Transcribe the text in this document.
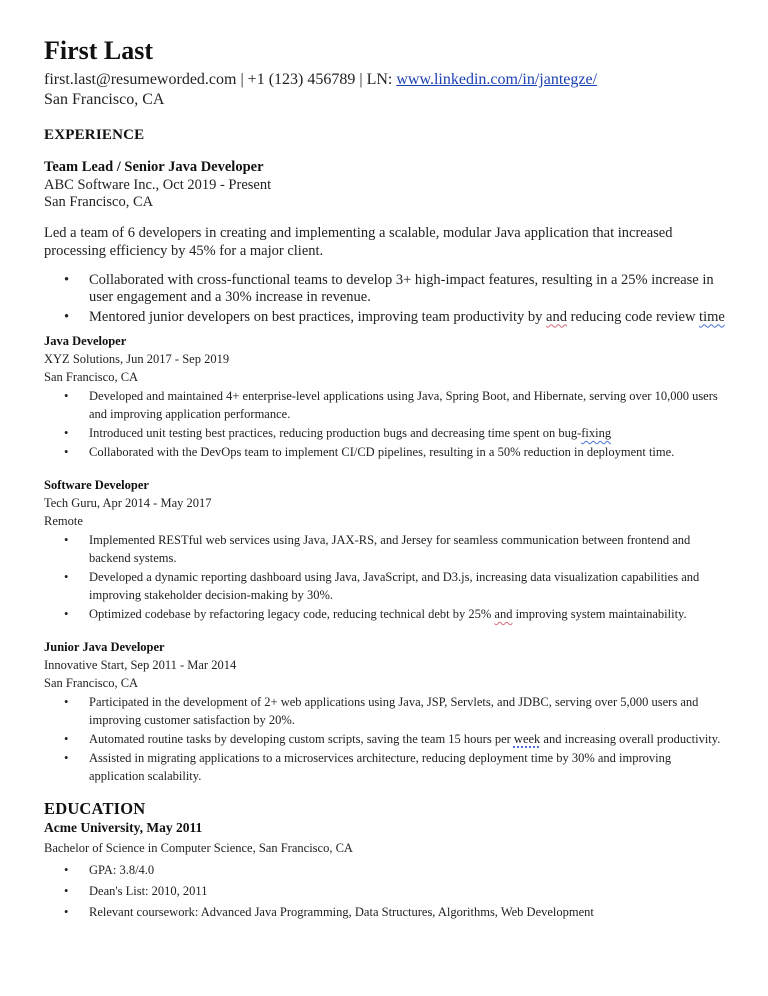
First Last
first.last@resumeworded.com | +1 (123) 456789 | LN: www.linkedin.com/in/jantegze/
San Francisco, CA
EXPERIENCE
Team Lead / Senior Java Developer
ABC Software Inc., Oct 2019 - Present
San Francisco, CA
Led a team of 6 developers in creating and implementing a scalable, modular Java application that increased processing efficiency by 45% for a major client.
• Collaborated with cross-functional teams to develop 3+ high-impact features, resulting in a 25% increase in user engagement and a 30% increase in revenue.
• Mentored junior developers on best practices, improving team productivity by and reducing code review time
Java Developer
XYZ Solutions, Jun 2017 - Sep 2019
San Francisco, CA
• Developed and maintained 4+ enterprise-level applications using Java, Spring Boot, and Hibernate, serving over 10,000 users and improving application performance.
• Introduced unit testing best practices, reducing production bugs and decreasing time spent on bug-fixing
• Collaborated with the DevOps team to implement CI/CD pipelines, resulting in a 50% reduction in deployment time.
Software Developer
Tech Guru, Apr 2014 - May 2017
Remote
• Implemented RESTful web services using Java, JAX-RS, and Jersey for seamless communication between frontend and backend systems.
• Developed a dynamic reporting dashboard using Java, JavaScript, and D3.js, increasing data visualization capabilities and improving stakeholder decision-making by 30%.
• Optimized codebase by refactoring legacy code, reducing technical debt by 25% and improving system maintainability.
Junior Java Developer
Innovative Start, Sep 2011 - Mar 2014
San Francisco, CA
• Participated in the development of 2+ web applications using Java, JSP, Servlets, and JDBC, serving over 5,000 users and improving customer satisfaction by 20%.
• Automated routine tasks by developing custom scripts, saving the team 15 hours per week and increasing overall productivity.
• Assisted in migrating applications to a microservices architecture, reducing deployment time by 30% and improving application scalability.
EDUCATION
Acme University, May 2011
Bachelor of Science in Computer Science, San Francisco, CA
• GPA: 3.8/4.0
• Dean's List: 2010, 2011
• Relevant coursework: Advanced Java Programming, Data Structures, Algorithms, Web Development
